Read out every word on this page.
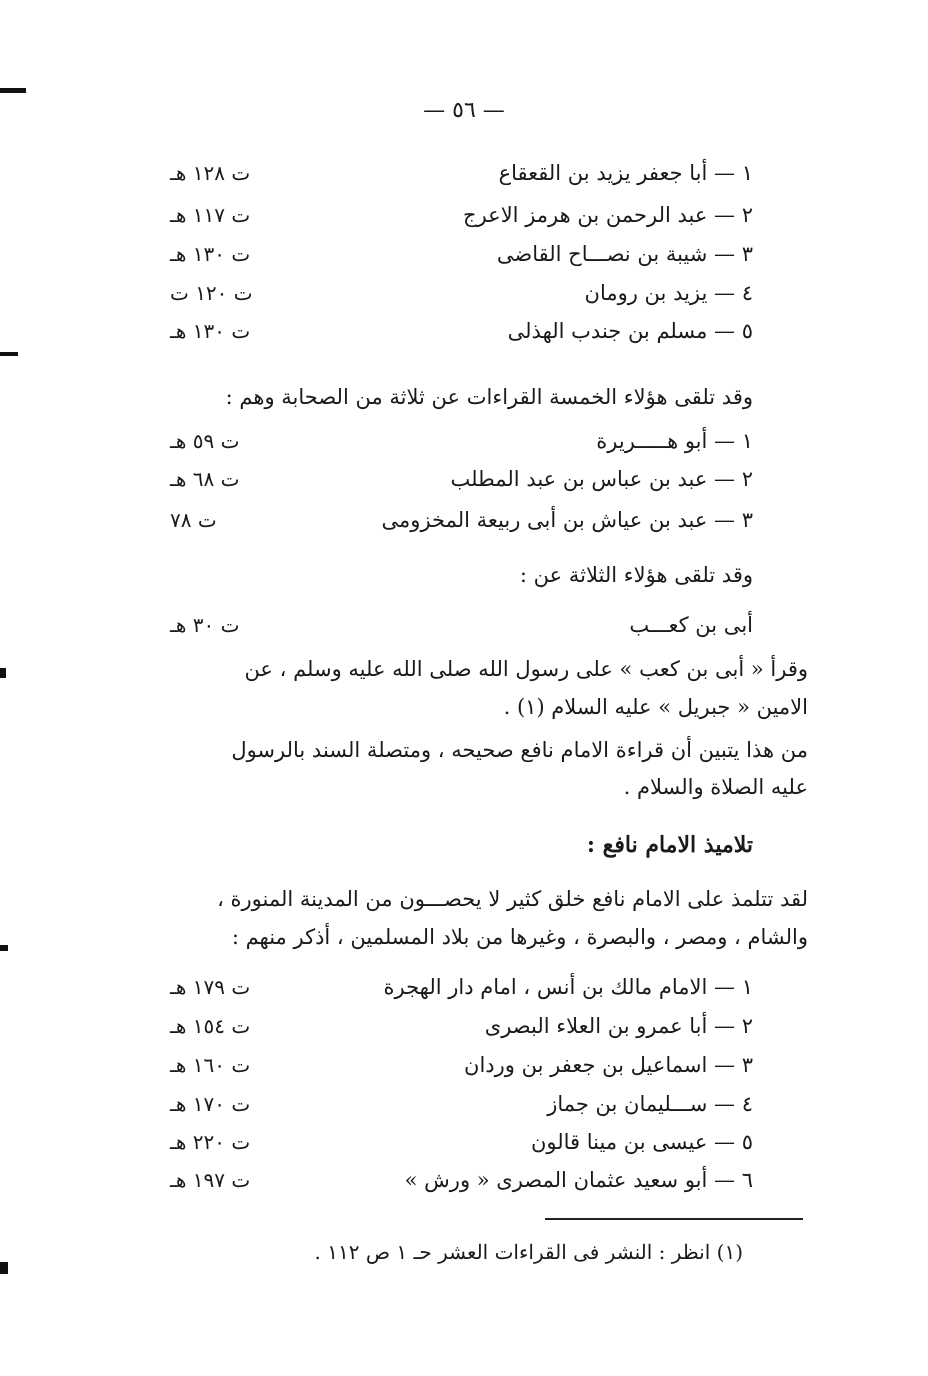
— ٥٦ —
١ — أبا جعفر يزيد بن القعقاع
ت ١٢٨ هـ
٢ — عبد الرحمن بن هرمز الاعرج
ت ١١٧ هـ
٣ — شيبة بن نصـــاح القاضى
ت ١٣٠ هـ
٤ — يزيد بن رومان
ت ١٢٠ ت
٥ — مسلم بن جندب الهذلى
ت ١٣٠ هـ
وقد تلقى هؤلاء الخمسة القراءات عن ثلاثة من الصحابة وهم :
١ — أبو هـــــريرة
ت ٥٩ هـ
٢ — عبد بن عباس بن عبد المطلب
ت ٦٨ هـ
٣ — عبد بن عياش بن أبى ربيعة المخزومى
ت ٧٨
وقد تلقى هؤلاء الثلاثة عن :
أبى بن كعـــب
ت ٣٠ هـ
وقرأ « أبى بن كعب » على رسول الله صلى الله عليه وسلم ، عن
الامين « جبريل » عليه السلام (١) .
من هذا يتبين أن قراءة الامام نافع صحيحه ، ومتصلة السند بالرسول
عليه الصلاة والسلام .
تلاميذ الامام نافع :
لقد تتلمذ على الامام نافع خلق كثير لا يحصـــون من المدينة المنورة ،
والشام ، ومصر ، والبصرة ، وغيرها من بلاد المسلمين ، أذكر منهم :
١ — الامام مالك بن أنس ، امام دار الهجرة
ت ١٧٩ هـ
٢ — أبا عمرو بن العلاء البصرى
ت ١٥٤ هـ
٣ — اسماعيل بن جعفر بن وردان
ت ١٦٠ هـ
٤ — ســـليمان بن جماز
ت ١٧٠ هـ
٥ — عيسى بن مينا قالون
ت ٢٢٠ هـ
٦ — أبو سعيد عثمان المصرى « ورش »
ت ١٩٧ هـ
(١) انظر : النشر فى القراءات العشر حـ ١ ص ١١٢ .
